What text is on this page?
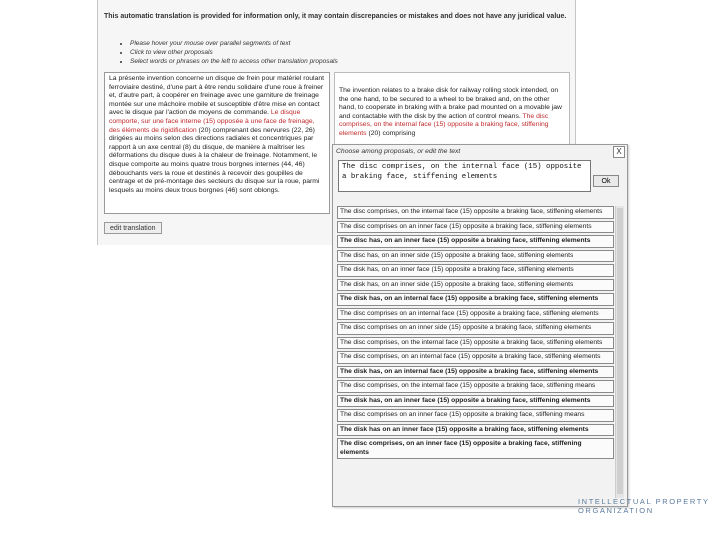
This automatic translation is provided for information only, it may contain discrepancies or mistakes and does not have any juridical value.
• Please hover your mouse over parallel segments of text
• Click to view other proposals
• Select words or phrases on the left to access other translation proposals
La présente invention concerne un disque de frein pour matériel roulant ferroviaire destiné, d'une part à être rendu solidaire d'une roue à freiner et, d'autre part, à coopérer en freinage avec une garniture de freinage montée sur une mâchoire mobile et susceptible d'être mise en contact avec le disque par l'action de moyens de commande. Le disque comporte, sur une face interne (15) opposée à une face de freinage, des éléments de rigidification (20) comprenant des nervures (22, 26) dirigées au moins selon des directions radiales et concentriques par rapport à un axe central (8) du disque, de manière à maîtriser les déformations du disque dues à la chaleur de freinage. Notamment, le disque comporte au moins quatre trous borgnes internes (44, 46) débouchants vers la roue et destinés à recevoir des goupilles de centrage et de pré-montage des secteurs du disque sur la roue, parmi lesquels au moins deux trous borgnes (46) sont oblongs.
The invention relates to a brake disk for railway rolling stock intended, on the one hand, to be secured to a wheel to be braked and, on the other hand, to cooperate in braking with a brake pad mounted on a movable jaw and contactable with the disk by the action of control means. The disc comprises, on the internal face (15) opposite a braking face, stiffening elements (20) comprising
edit translation
Choose among proposals, or edit the text	X
The disc comprises, on the internal face (15) opposite a braking face, stiffening elements
Ok
The disc comprises, on the internal face (15) opposite a braking face, stiffening elements
The disc comprises on an inner face (15) opposite a braking face, stiffening elements
The disc has, on an inner face (15) opposite a braking face, stiffening elements
The disc has, on an inner side (15) opposite a braking face, stiffening elements
The disk has, on an inner face (15) opposite a braking face, stiffening elements
The disk has, on an inner side (15) opposite a braking face, stiffening elements
The disk has, on an internal face (15) opposite a braking face, stiffening elements
The disc comprises on an internal face (15) opposite a braking face, stiffening elements
The disc comprises on an inner side (15) opposite a braking face, stiffening elements
The disc comprises, on the internal face (15) opposite a braking face, stiffening elements
The disc comprises, on an internal face (15) opposite a braking face, stiffening elements
The disk has, on an internal face (15) opposite a braking face, stiffening elements
The disc comprises, on the internal face (15) opposite a braking face, stiffening means
The disk has, on an inner face (15) opposite a braking face, stiffening elements
The disc comprises on an inner face (15) opposite a braking face, stiffening means
The disk has on an inner face (15) opposite a braking face, stiffening elements
The disc comprises, on an inner face (15) opposite a braking face, stiffening elements
INTELLECTUAL PROPERTY
ORGANIZATION
